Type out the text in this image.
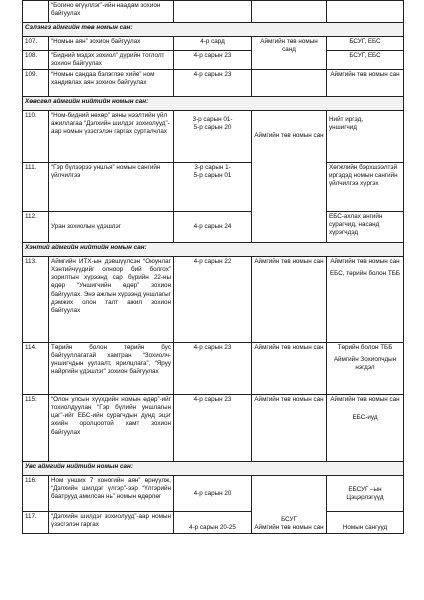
	“Богино өгүүллэг”-ийн наадам зохион байгуулах			
Сэлэнгэ аймгийн төв номын сан:				
107.	“Номын аян” зохион байгуулах	4-р сард	Аймгийн төв номын санд	БСУГ, ЕБС
108.	“Бидний мэдэх зохиол” дүрийн тоглолт зохион байгуулах	4-р сарын 23		БСУГ, ЕБС
109.	“Номын сандаа бэлэглэе хийе” ном хандивлах аян зохион байгуулах	4-р сарын 23		Аймгийн төв номын сан
Хөвсгөл аймгийн нийтийн номын сан:				
110.	“Ном-бидний нөхөр” аяны нээлтийн үйл ажиллагаа “Дэлхийн шилдэг зохиолууд”-аар номын үзэсгэлэн гаргах сурталчлах	3-р сарын 01-
5-р сарын 20	Аймгийн төв номын сан	Нийт иргэд,
уншигчид

111.	“Гэр бүлээрээ уншъя” номын сангийн үйлчилгээ	3-р сарын 1-
5-р сарын 01		Хөгжлийн бэрхшээлтэй иргэдэд номын сангийн үйлчилгээ хүргэх
112.	Уран зохиолын үдэшлэг	4-р сарын 24		ЕБС-ахлах ангийн сурагчид, насанд хүрэгчдэд
Хэнтий аймгийн нийтийн номын сан:				
113.	Аймгийн ИТХ-ын дэвшүүлсэн “Оюунлаг Хэнтийчүүдийг олноор бий болгох” зорилтын хүрээнд сар бүрийн 22-ны өдөр “Уншигчийн өдөр” зохион байгуулах. Энэ ажлын хүрээнд уншлагыг дэмжих олон талт ажил зохион байгуулах	4-р сарын 22	Аймгийн төв номын сан	Аймгийн төв номын сан
ЕБС, төрийн болон ТББ

114.	Төрийн болон төрийн бус байгууллагатай хамтран “Зохиолч-уншигчдын уулзалт, ярилцлага”, “Яруу найргийн үдэшлэг” зохион байгуулах	4-р сарын 23	Аймгийн төв номын сан	Төрийн болон ТББ
Аймгийн Зохиолчдын нэгдэл

115.	“Олон улсын хүүхдийн номын өдөр”-ийг тохиолдуулан “Гэр бүлийн уншлагын цаг”-ийг ЕБС-ийн сурагчдын дунд эцэг эхийн оролцоотой хамт зохион байгуулах	4-р сарын 23	Аймгийн төв номын сан	Аймгийн төв номын сан
ЕБС-иуд

Увс аймгийн нийтийн номын сан:				
116.	Ном уншиx 7 хоногийн аян” өрнүүлж, “Дэлхийн шилдэг үлгэр”-ээр “Үлгэрийн баатрууд амилсан нь” номын өдөрлөг	4-р сарын 20	БСУГ
Аймгийн төв номын сан	ЕБСУГ –ын
Цэцэрлэгүүд

117.	“Дэлхийн шилдэг зохиолууд”-аар номын үзэсгэлэн гаргах	4-р сарын 20-25		Номын сангууд
